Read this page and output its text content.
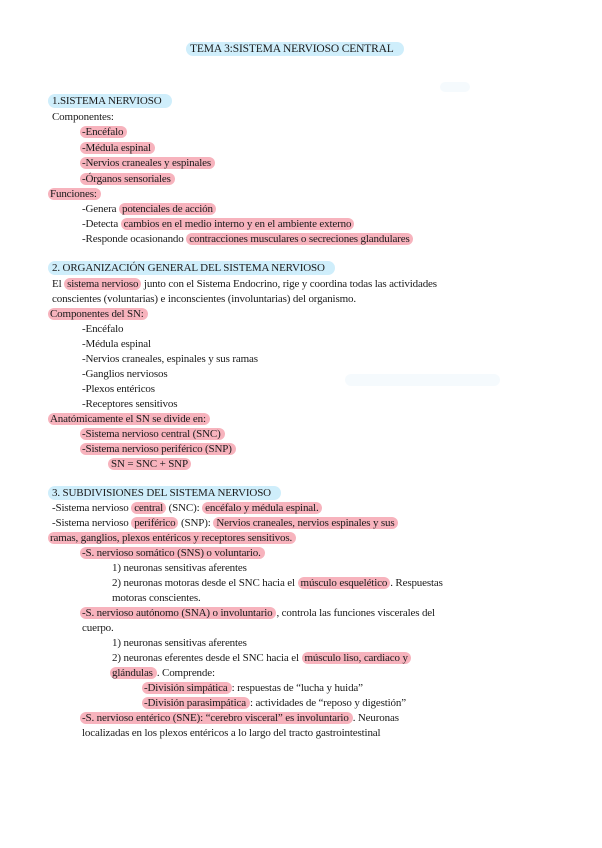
TEMA 3:SISTEMA NERVIOSO CENTRAL
1.SISTEMA NERVIOSO
Componentes:
-Encéfalo
-Médula espinal
-Nervios craneales y espinales
-Órganos sensoriales
Funciones:
-Genera potenciales de acción
-Detecta cambios en el medio interno y en el ambiente externo
-Responde ocasionando contracciones musculares o secreciones glandulares
2. ORGANIZACIÓN GENERAL DEL SISTEMA NERVIOSO
El sistema nervioso junto con el Sistema Endocrino, rige y coordina todas las actividades
conscientes (voluntarias) e inconscientes (involuntarias) del organismo.
Componentes del SN:
-Encéfalo
-Médula espinal
-Nervios craneales, espinales y sus ramas
-Ganglios nerviosos
-Plexos entéricos
-Receptores sensitivos
Anatómicamente el SN se divide en:
-Sistema nervioso central (SNC)
-Sistema nervioso periférico (SNP)
SN = SNC + SNP
3. SUBDIVISIONES DEL SISTEMA NERVIOSO
-Sistema nervioso central (SNC): encéfalo y médula espinal.
-Sistema nervioso periférico (SNP): Nervios craneales, nervios espinales y sus
ramas, ganglios, plexos entéricos y receptores sensitivos.
-S. nervioso somático (SNS) o voluntario.
1) neuronas sensitivas aferentes
2) neuronas motoras desde el SNC hacia el músculo esquelético . Respuestas
motoras conscientes.
-S. nervioso autónomo (SNA) o involuntario , controla las funciones viscerales del
cuerpo.
1) neuronas sensitivas aferentes
2) neuronas eferentes desde el SNC hacia el músculo liso, cardiaco y
glándulas . Comprende:
-División simpática : respuestas de “lucha y huida”
-División parasimpática : actividades de “reposo y digestión”
-S. nervioso entérico (SNE): “cerebro visceral” es involuntario . Neuronas
localizadas en los plexos entéricos a lo largo del tracto gastrointestinal
